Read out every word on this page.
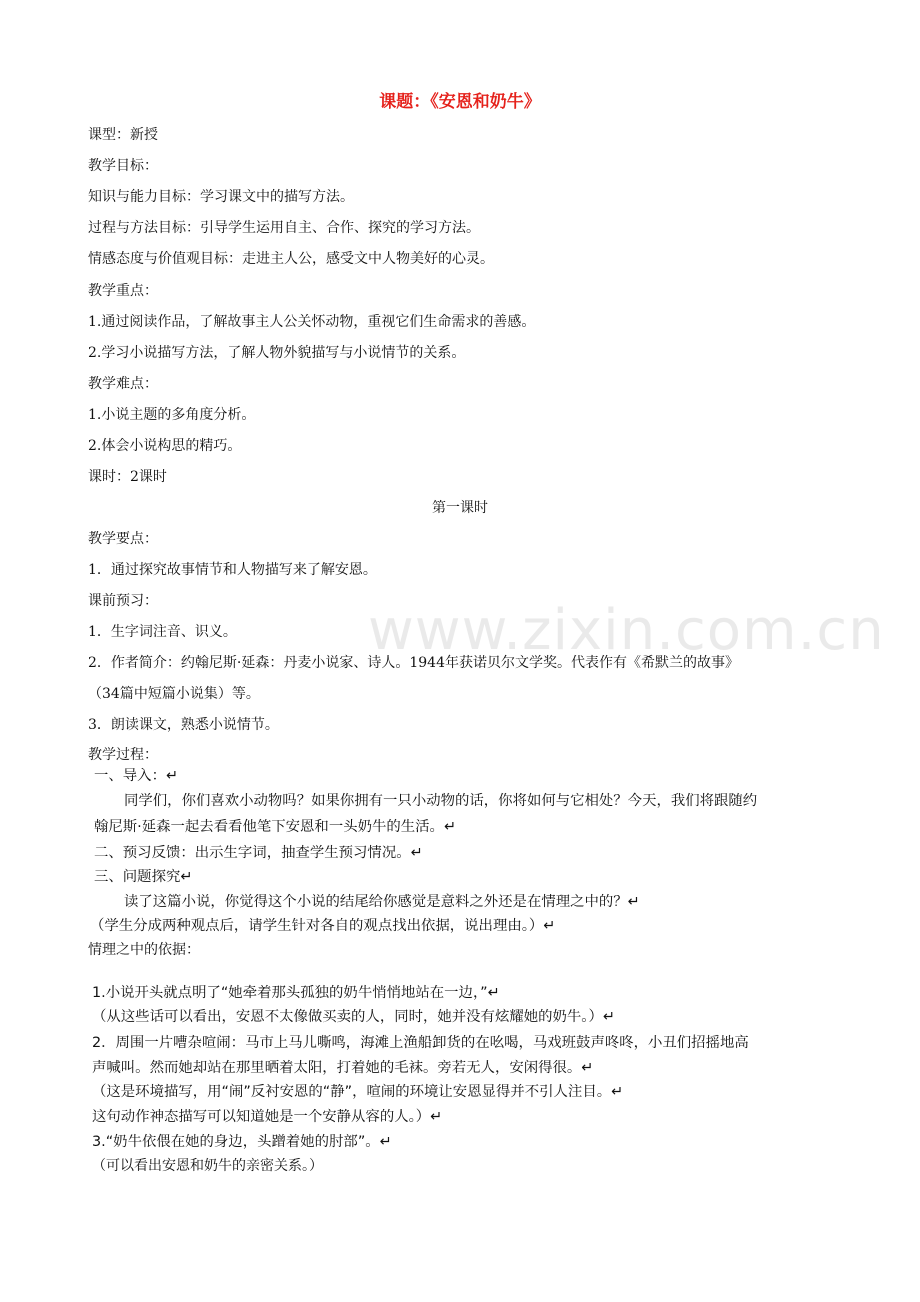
www.zixin.com.cn
课题：《安恩和奶牛》

课型：新授

教学目标：

知识与能力目标：学习课文中的描写方法。

过程与方法目标：引导学生运用自主、合作、探究的学习方法。

情感态度与价值观目标：走进主人公，感受文中人物美好的心灵。

教学重点：

1.通过阅读作品，了解故事主人公关怀动物，重视它们生命需求的善感。

2.学习小说描写方法，了解人物外貌描写与小说情节的关系。

教学难点：

1.小说主题的多角度分析。

2.体会小说构思的精巧。

课时：2课时

第一课时

教学要点：

1．通过探究故事情节和人物描写来了解安恩。

课前预习：

1．生字词注音、识义。

2．作者简介：约翰尼斯·延森：丹麦小说家、诗人。1944年获诺贝尔文学奖。代表作有《希默兰的故事》

（34篇中短篇小说集）等。

3．朗读课文，熟悉小说情节。

教学过程：

一、导入：↵

同学们，你们喜欢小动物吗？如果你拥有一只小动物的话，你将如何与它相处？今天，我们将跟随约

翰尼斯·延森一起去看看他笔下安恩和一头奶牛的生活。↵

二、预习反馈：出示生字词，抽查学生预习情况。↵

三、问题探究↵

读了这篇小说，你觉得这个小说的结尾给你感觉是意料之外还是在情理之中的？↵

（学生分成两种观点后，请学生针对各自的观点找出依据，说出理由。）↵

情理之中的依据：

1.小说开头就点明了“她牵着那头孤独的奶牛悄悄地站在一边，”↵

（从这些话可以看出，安恩不太像做买卖的人，同时，她并没有炫耀她的奶牛。）↵

2．周围一片嘈杂喧闹：马市上马儿嘶鸣，海滩上渔船卸货的在吆喝，马戏班鼓声咚咚，小丑们招摇地高

声喊叫。然而她却站在那里晒着太阳，打着她的毛袜。旁若无人，安闲得很。↵

（这是环境描写，用“闹”反衬安恩的“静”，喧闹的环境让安恩显得并不引人注目。↵

这句动作神态描写可以知道她是一个安静从容的人。）↵

3.“奶牛依偎在她的身边，头蹭着她的肘部”。↵

（可以看出安恩和奶牛的亲密关系。）
